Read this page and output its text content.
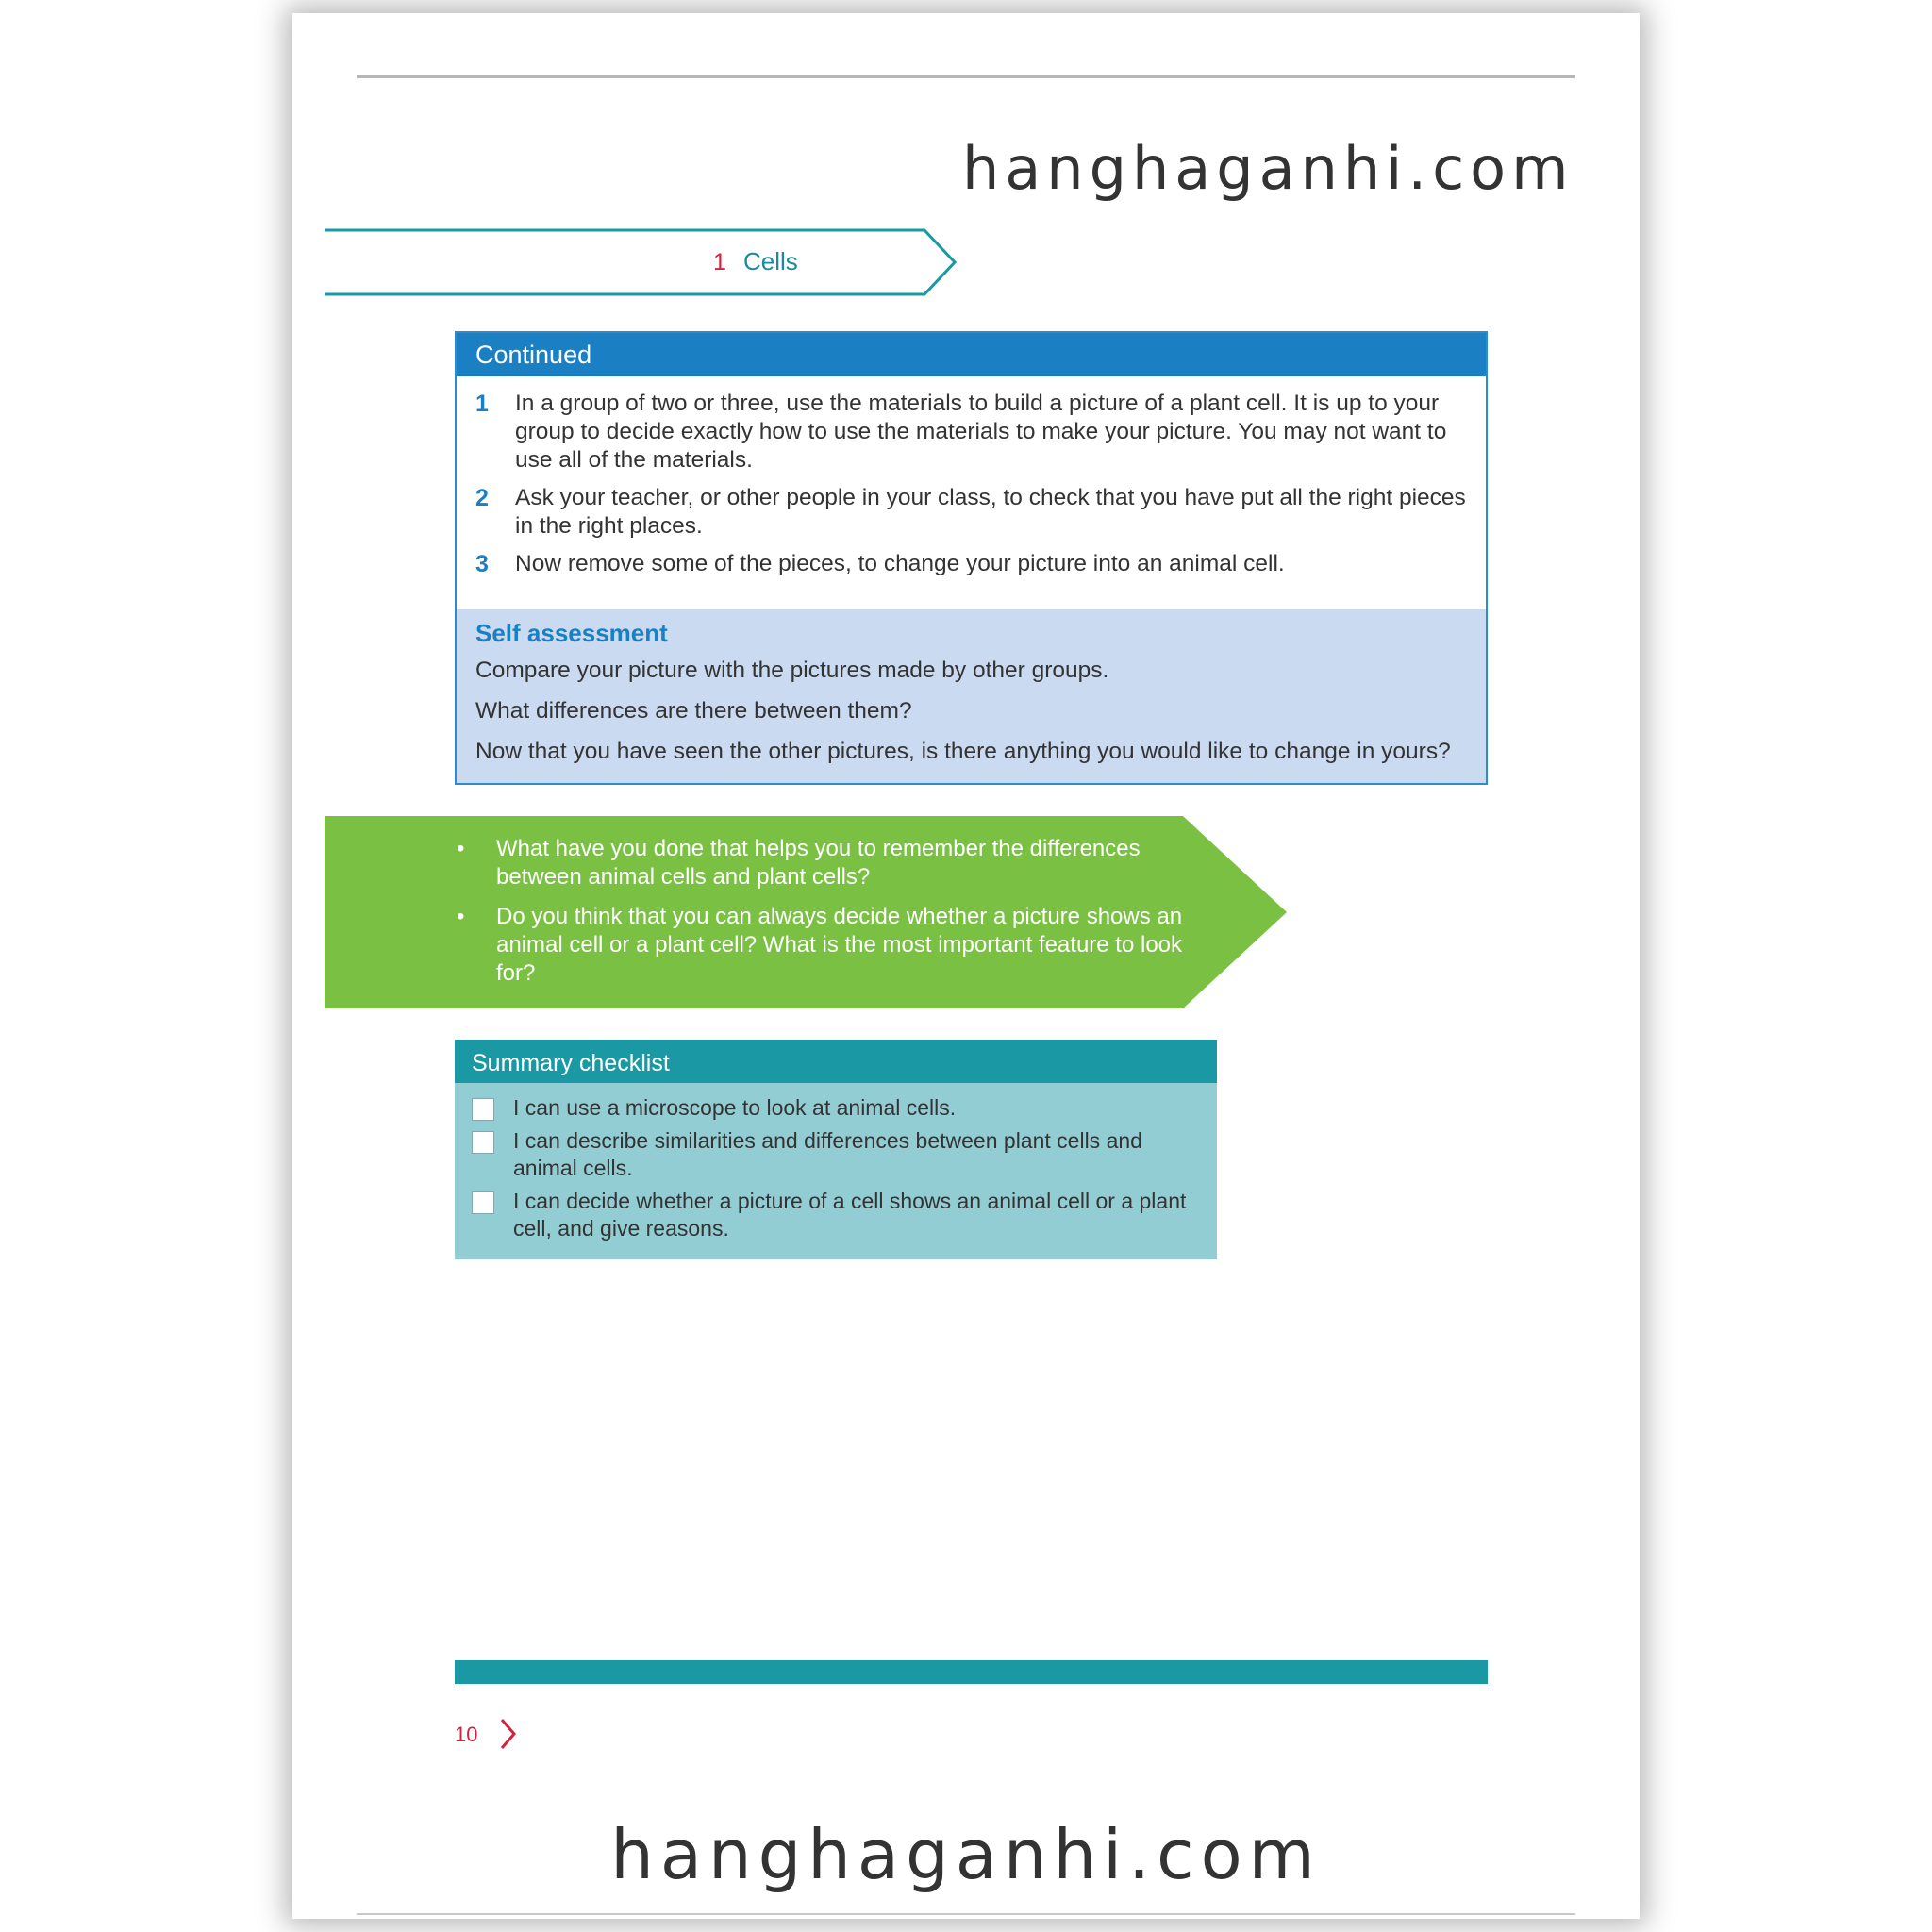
hanghaganhi.com
1 Cells
Continued
1	In a group of two or three, use the materials to build a picture of a plant cell. It is up to your group to decide exactly how to use the materials to make your picture. You may not want to use all of the materials.
2	Ask your teacher, or other people in your class, to check that you have put all the right pieces in the right places.
3	Now remove some of the pieces, to change your picture into an animal cell.
Self assessment
Compare your picture with the pictures made by other groups.
What differences are there between them?
Now that you have seen the other pictures, is there anything you would like to change in yours?
• What have you done that helps you to remember the differences between animal cells and plant cells?
• Do you think that you can always decide whether a picture shows an animal cell or a plant cell? What is the most important feature to look for?
Summary checklist
I can use a microscope to look at animal cells.
I can describe similarities and differences between plant cells and animal cells.
I can decide whether a picture of a cell shows an animal cell or a plant cell, and give reasons.
10
hanghaganhi.com
